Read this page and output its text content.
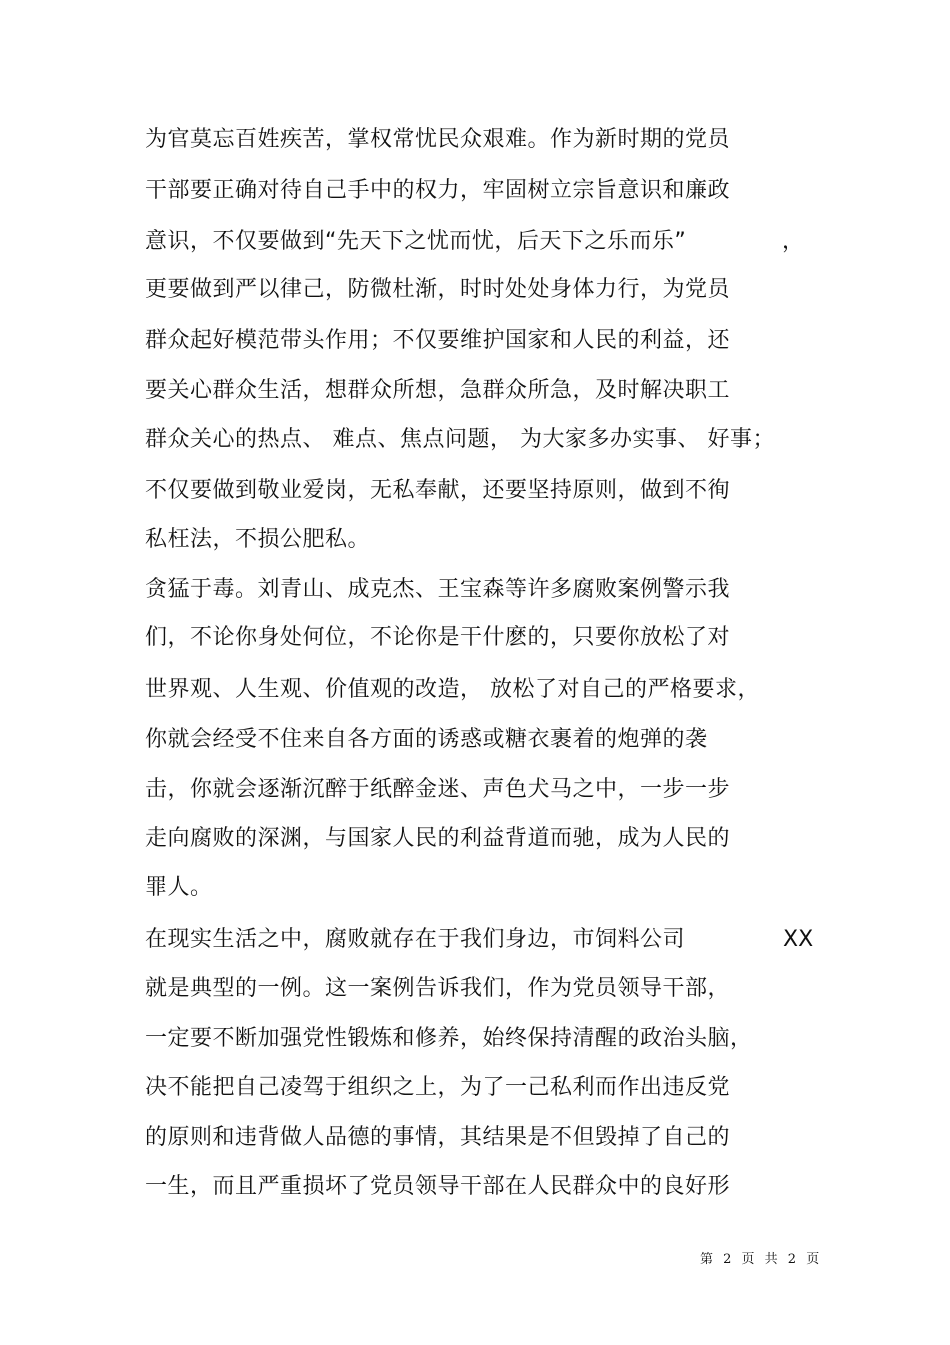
为官莫忘百姓疾苦，掌权常忧民众艰难。作为新时期的党员
干部要正确对待自己手中的权力，牢固树立宗旨意识和廉政
意识，不仅要做到“先天下之忧而忧，后天下之乐而乐”	，
更要做到严以律己，防微杜渐，时时处处身体力行，为党员
群众起好模范带头作用；不仅要维护国家和人民的利益，还
要关心群众生活，想群众所想，急群众所急，及时解决职工
群众关心的热点、 难点、焦点问题， 为大家多办实事、 好事；
不仅要做到敬业爱岗，无私奉献，还要坚持原则，做到不徇
私枉法，不损公肥私。
贪猛于毒。刘青山、成克杰、王宝森等许多腐败案例警示我
们，不论你身处何位，不论你是干什麽的，只要你放松了对
世界观、人生观、价值观的改造， 放松了对自己的严格要求，
你就会经受不住来自各方面的诱惑或糖衣裹着的炮弹的袭
击，你就会逐渐沉醉于纸醉金迷、声色犬马之中，一步一步
走向腐败的深渊，与国家人民的利益背道而驰，成为人民的
罪人。
在现实生活之中，腐败就存在于我们身边，市饲料公司	XX
就是典型的一例。这一案例告诉我们，作为党员领导干部，
一定要不断加强党性锻炼和修养，始终保持清醒的政治头脑，
决不能把自己凌驾于组织之上，为了一己私利而作出违反党
的原则和违背做人品德的事情，其结果是不但毁掉了自己的
一生，而且严重损坏了党员领导干部在人民群众中的良好形
第 2 页 共 2 页
